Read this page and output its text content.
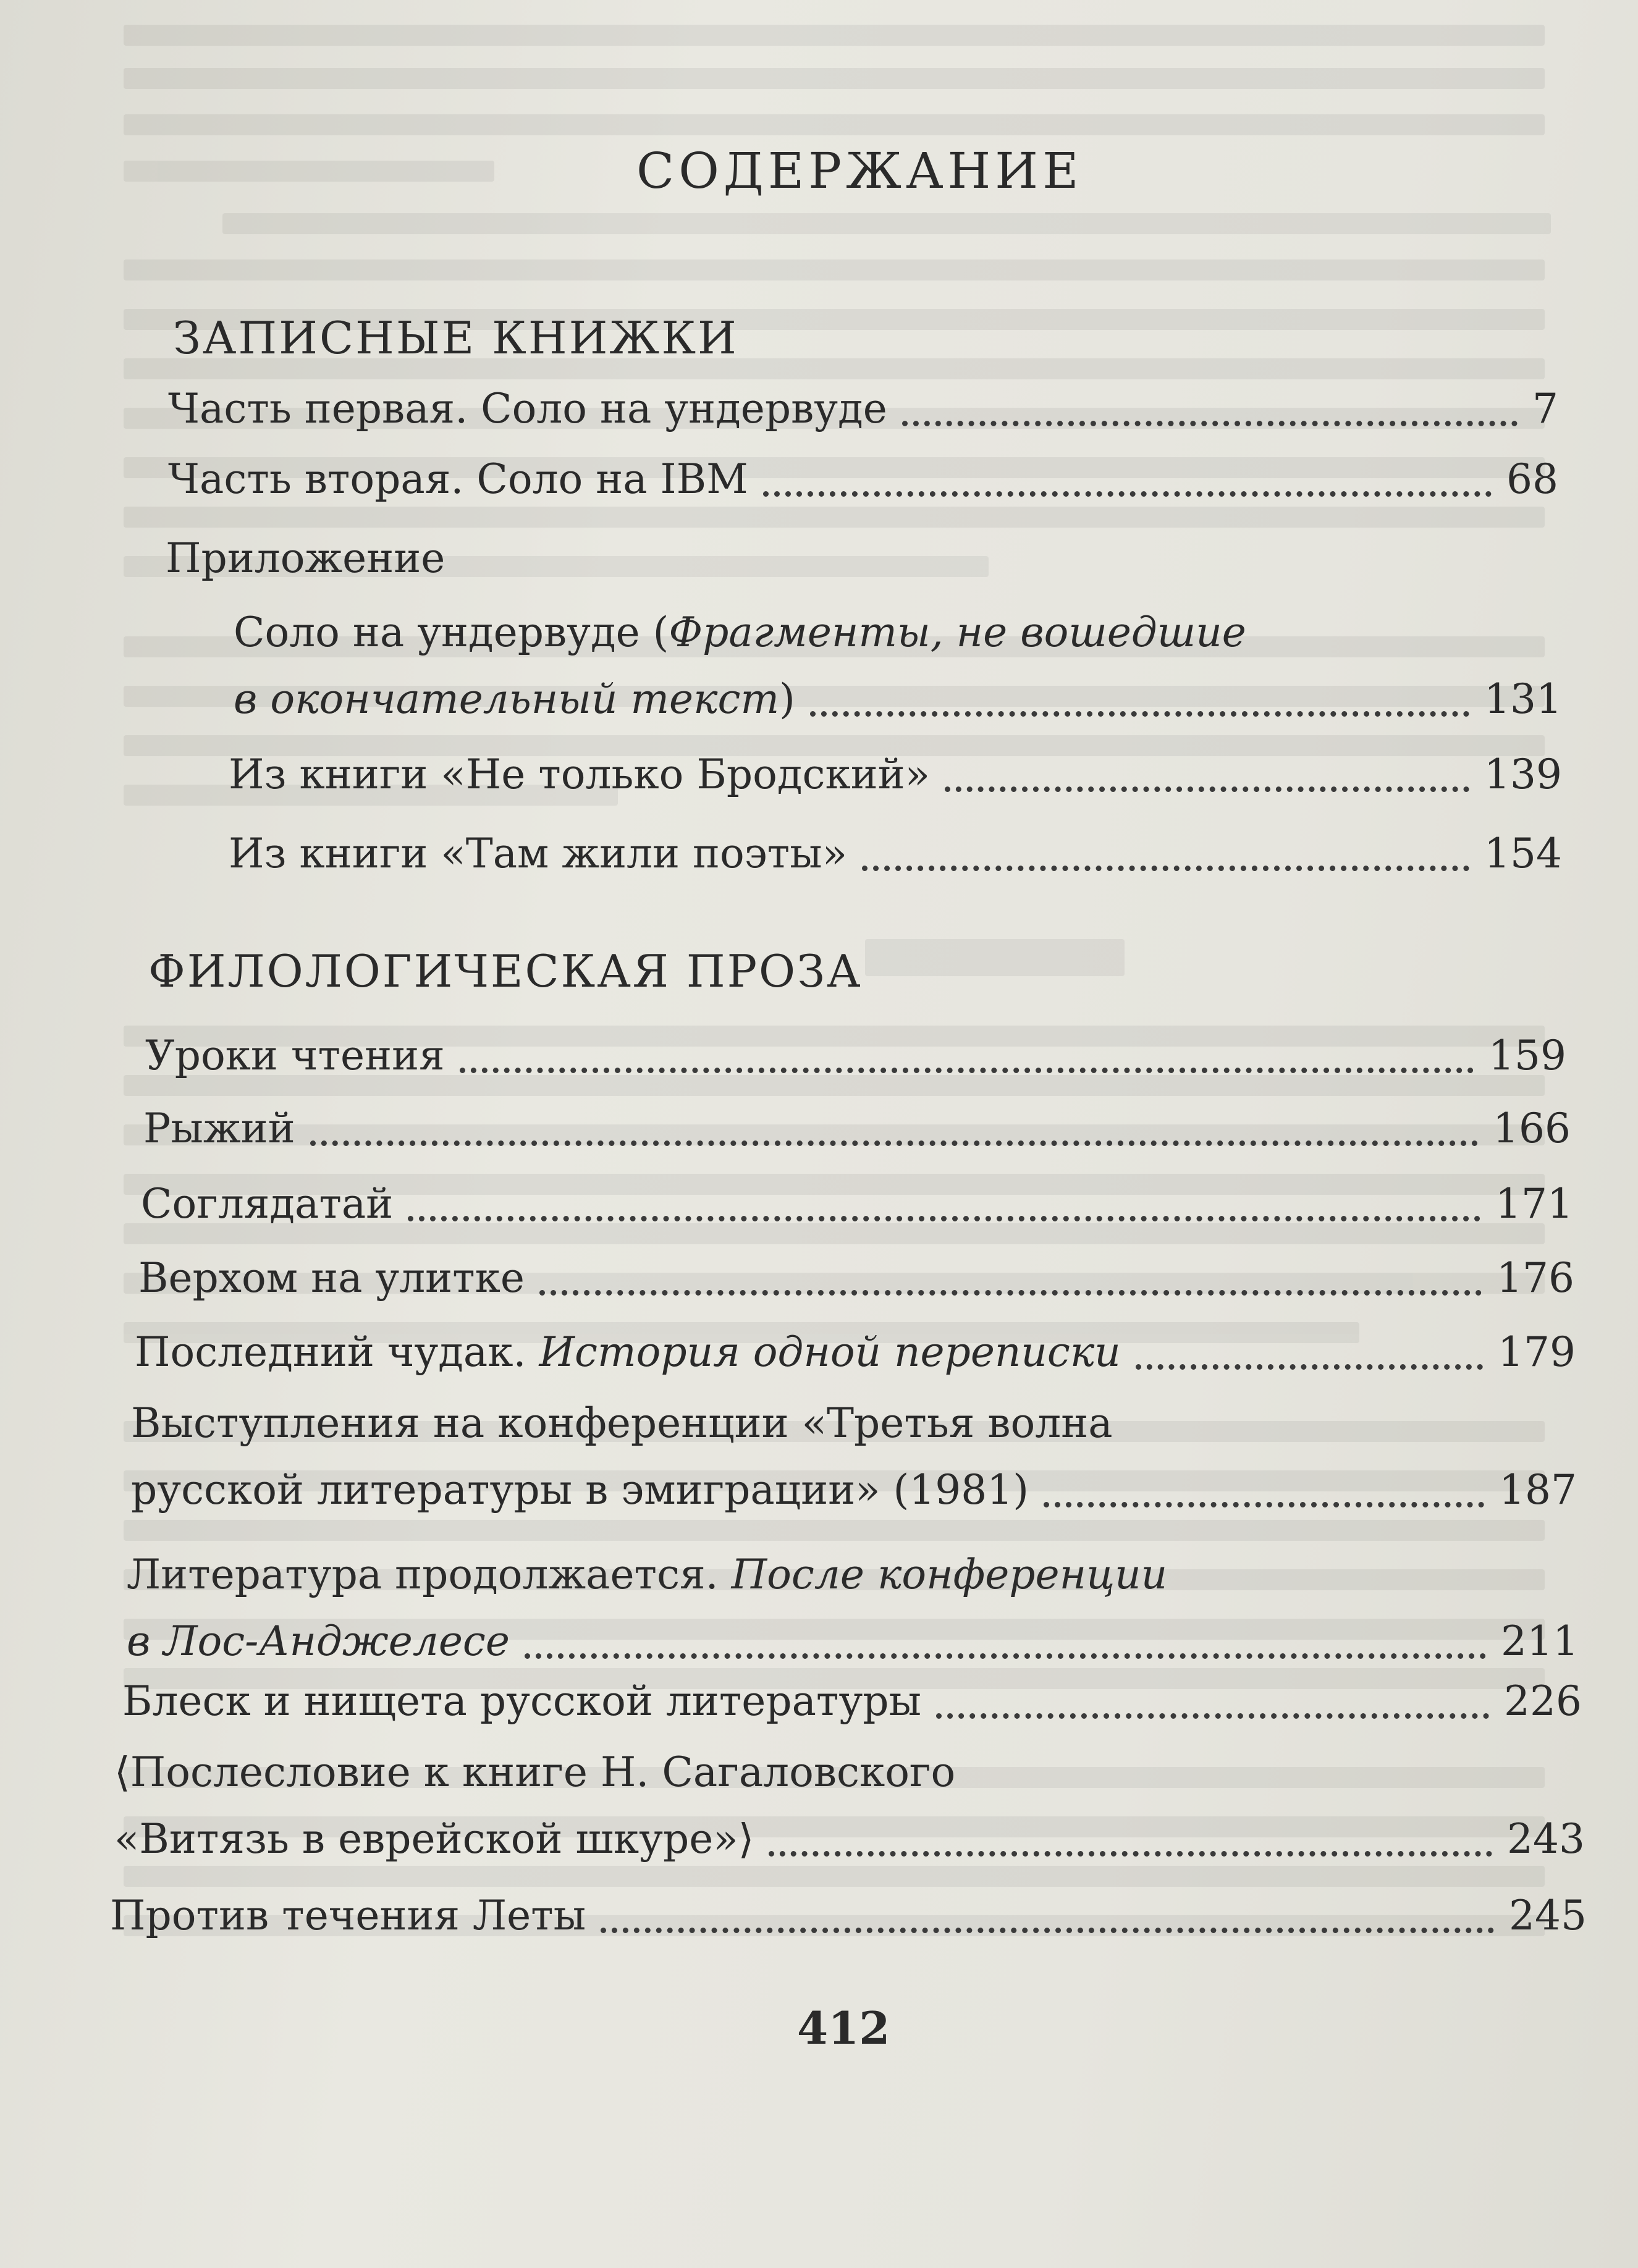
СОДЕРЖАНИЕ
ЗАПИСНЫЕ КНИЖКИ
Часть первая. Соло на ундервуде	7
Часть вторая. Соло на IBM	68
Приложение
Соло на ундервуде (Фрагменты, не вошедшие
в окончательный текст)	131
Из книги «Не только Бродский»	139
Из книги «Там жили поэты»	154
ФИЛОЛОГИЧЕСКАЯ ПРОЗА
Уроки чтения	159
Рыжий	166
Соглядатай	171
Верхом на улитке	176
Последний чудак. История одной переписки	179
Выступления на конференции «Третья волна
русской литературы в эмиграции» (1981)	187
Литература продолжается. После конференции
в Лос-Анджелесе	211
Блеск и нищета русской литературы	226
⟨Послесловие к книге Н. Сагаловского
«Витязь в еврейской шкуре»⟩	243
Против течения Леты	245
412
